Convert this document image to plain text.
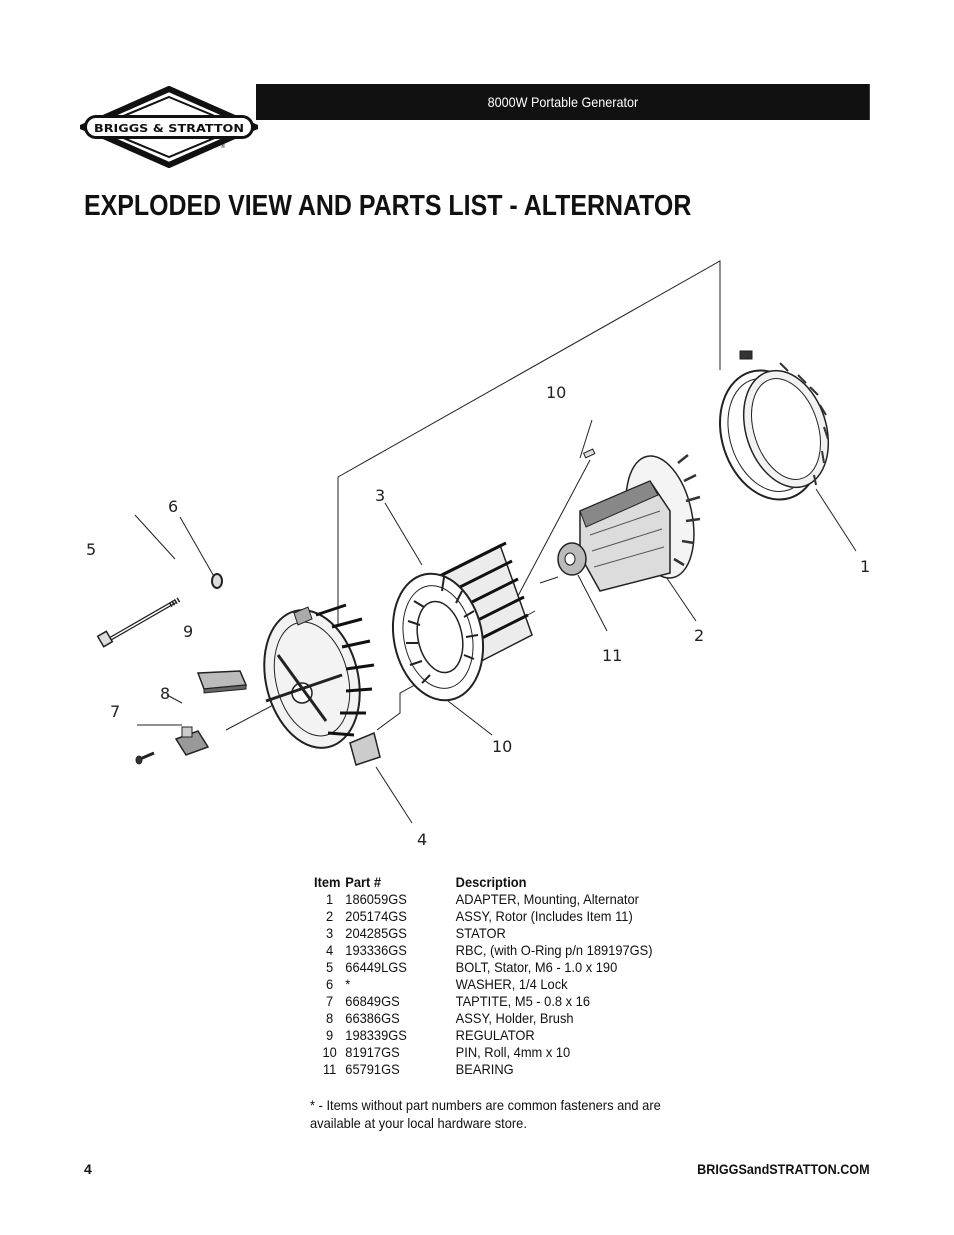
BRIGGS & STRATTON
®
8000W Portable Generator
EXPLODED VIEW AND PARTS LIST - ALTERNATOR
1
2
3
4
5
6
7
8
9
10
10
11
Item	Part #	Description
1	186059GS	ADAPTER, Mounting, Alternator
2	205174GS	ASSY, Rotor (Includes Item 11)
3	204285GS	STATOR
4	193336GS	RBC, (with O-Ring p/n 189197GS)
5	66449LGS	BOLT, Stator, M6 - 1.0 x 190
6	*	WASHER, 1/4 Lock
7	66849GS	TAPTITE, M5 - 0.8 x 16
8	66386GS	ASSY, Holder, Brush
9	198339GS	REGULATOR
10	81917GS	PIN, Roll, 4mm x 10
11	65791GS	BEARING

* - Items without part numbers are common fasteners and are
available at your local hardware store.

4	BRIGGSandSTRATTON.COM
